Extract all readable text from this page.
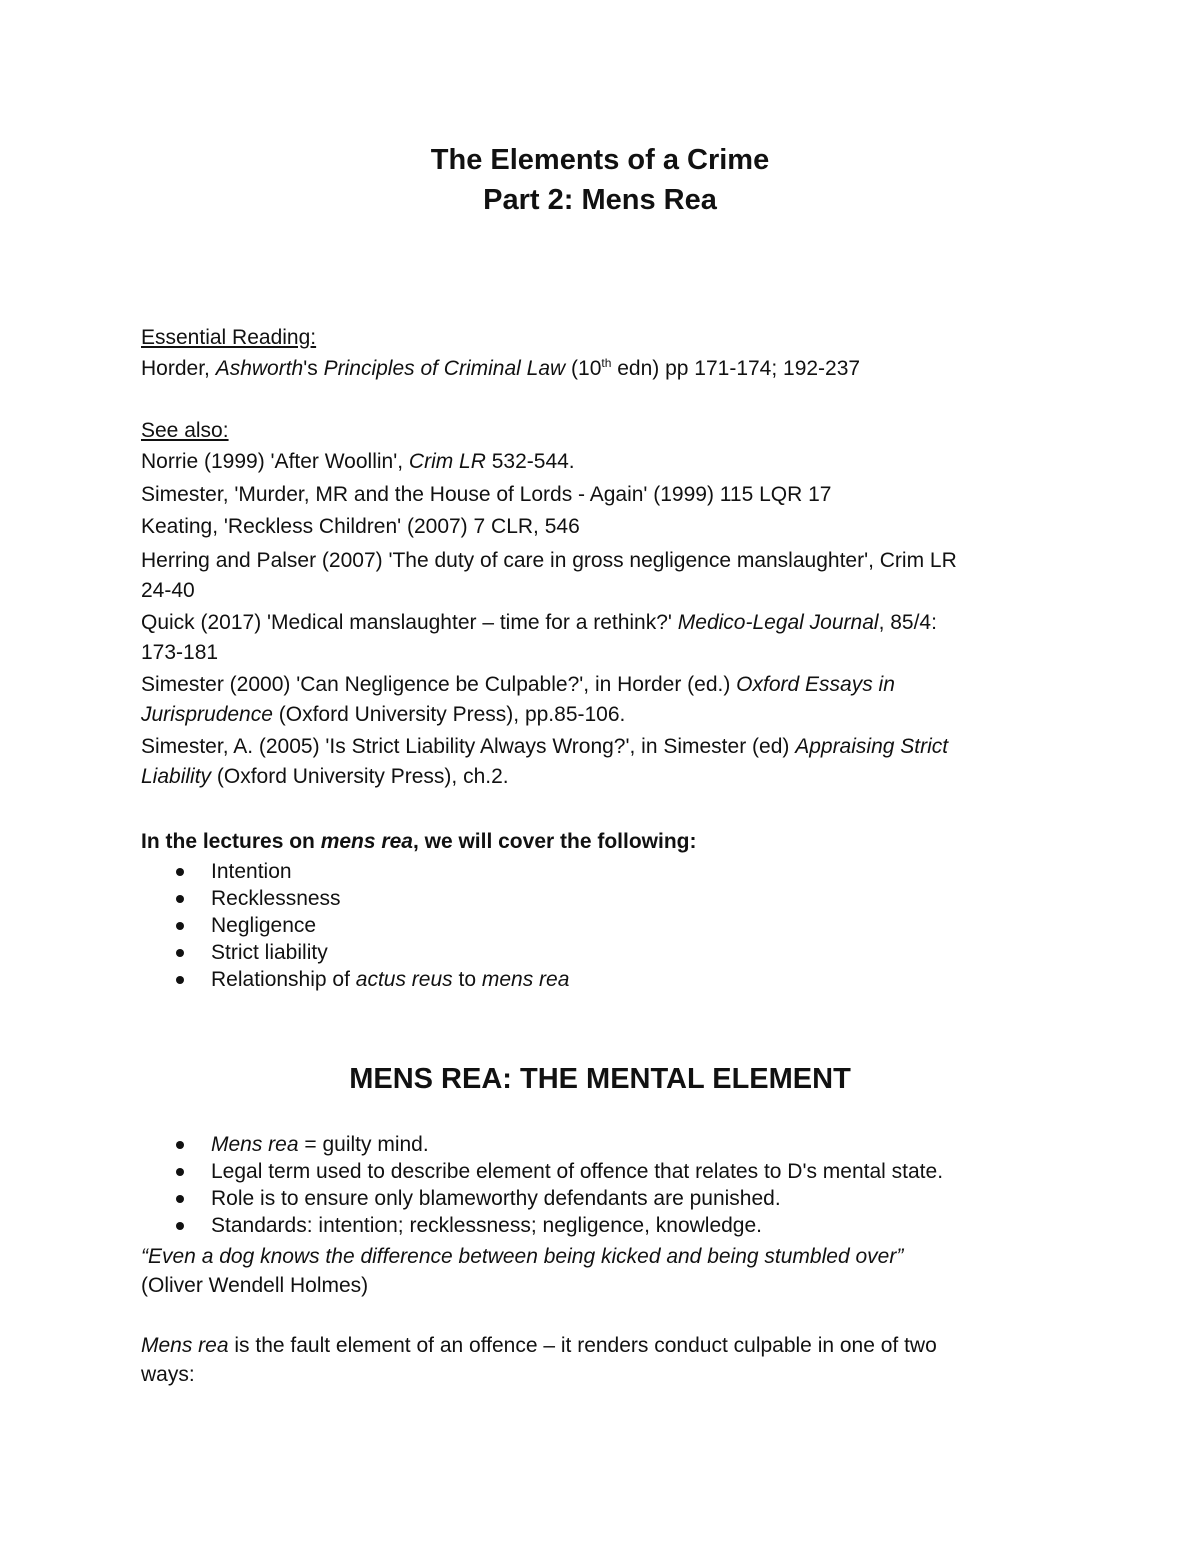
The Elements of a Crime
Part 2: Mens Rea
Essential Reading:
Horder, Ashworth's Principles of Criminal Law (10th edn) pp 171-174; 192-237
See also:
Norrie (1999) 'After Woollin', Crim LR 532-544.
Simester, 'Murder, MR and the House of Lords - Again' (1999) 115 LQR 17
Keating, 'Reckless Children' (2007) 7 CLR, 546
Herring and Palser (2007) 'The duty of care in gross negligence manslaughter', Crim LR
24-40
Quick (2017) 'Medical manslaughter – time for a rethink?' Medico-Legal Journal, 85/4:
173-181
Simester (2000) 'Can Negligence be Culpable?', in Horder (ed.) Oxford Essays in
Jurisprudence (Oxford University Press), pp.85-106.
Simester, A. (2005) 'Is Strict Liability Always Wrong?', in Simester (ed) Appraising Strict
Liability (Oxford University Press), ch.2.
In the lectures on mens rea, we will cover the following:
Intention
Recklessness
Negligence
Strict liability
Relationship of actus reus to mens rea
MENS REA: THE MENTAL ELEMENT
Mens rea = guilty mind.
Legal term used to describe element of offence that relates to D's mental state.
Role is to ensure only blameworthy defendants are punished.
Standards: intention; recklessness; negligence, knowledge.
“Even a dog knows the difference between being kicked and being stumbled over”
(Oliver Wendell Holmes)
Mens rea is the fault element of an offence – it renders conduct culpable in one of two
ways:
